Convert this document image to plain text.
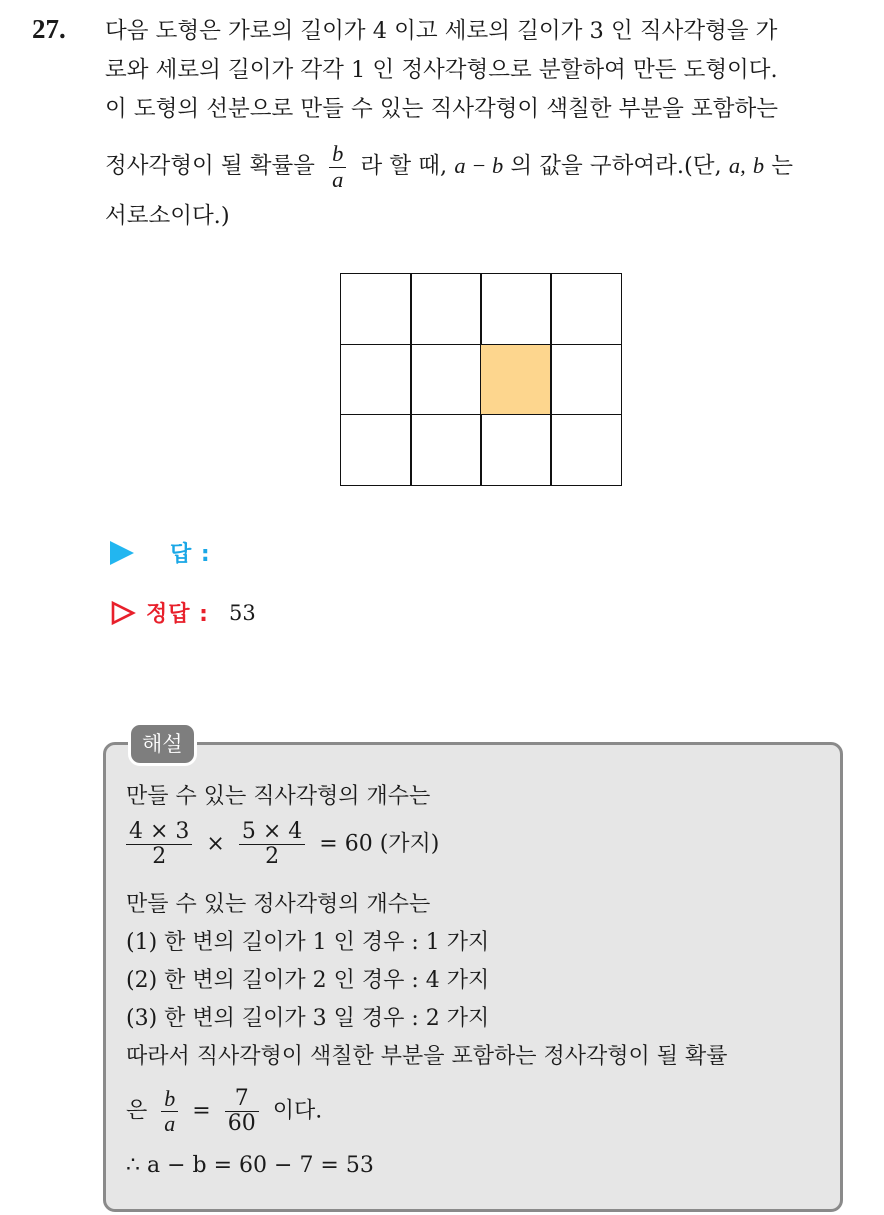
27. 다음 도형은 가로의 길이가 4 이고 세로의 길이가 3 인 직사각형을 가
로와 세로의 길이가 각각 1 인 정사각형으로 분할하여 만든 도형이다.
이 도형의 선분으로 만들 수 있는 직사각형이 색칠한 부분을 포함하는
정사각형이 될 확률을 $\frac{b}{a}$ 라 할 때, a − b 의 값을 구하여라.(단, a, b 는
서로소이다.)
답 :
정답 : 53
해설
만들 수 있는 직사각형의 개수는
$\frac{4 \times 3}{2} \times \frac{5 \times 4}{2} = 60$ (가지)
만들 수 있는 정사각형의 개수는
(1) 한 변의 길이가 1 인 경우 : 1 가지
(2) 한 변의 길이가 2 인 경우 : 4 가지
(3) 한 변의 길이가 3 일 경우 : 2 가지
따라서 직사각형이 색칠한 부분을 포함하는 정사각형이 될 확률
은 $\frac{b}{a} = \frac{7}{60}$ 이다.
∴ a − b = 60 − 7 = 53
